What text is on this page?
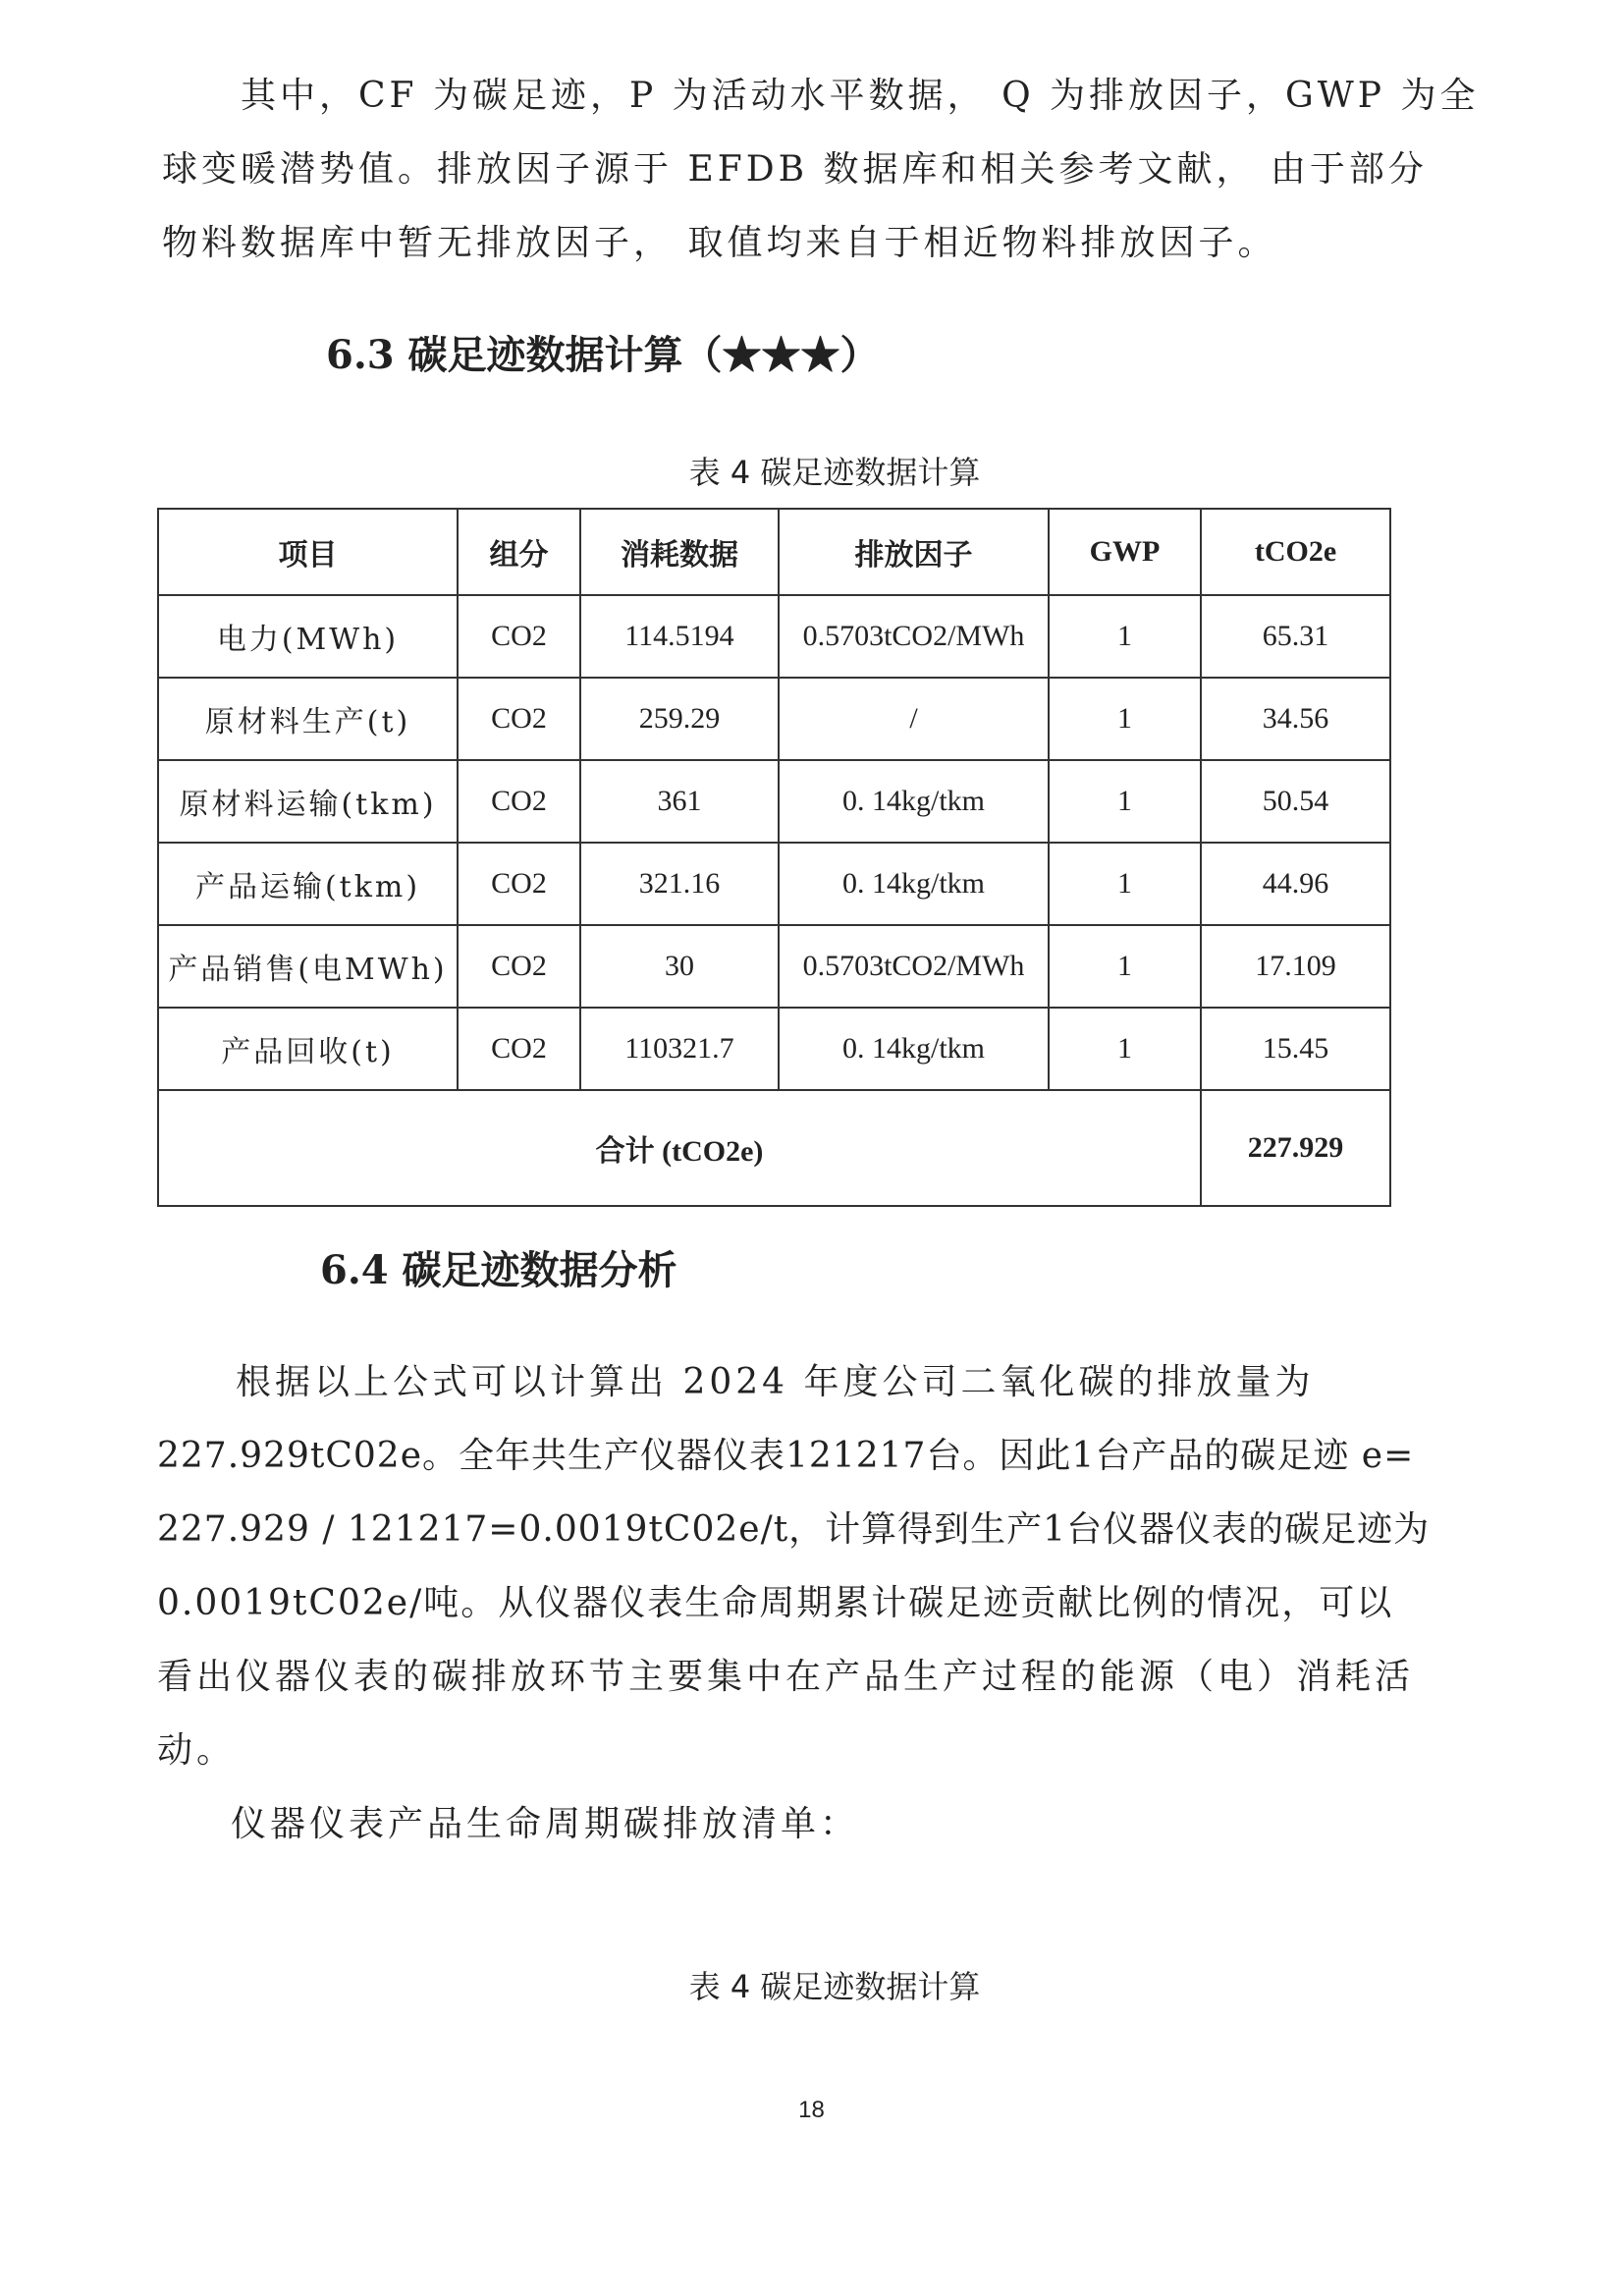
其中，CF 为碳足迹，P 为活动水平数据， Q 为排放因子，GWP 为全

球变暖潜势值。排放因子源于 EFDB 数据库和相关参考文献， 由于部分

物料数据库中暂无排放因子， 取值均来自于相近物料排放因子。

6.3 碳足迹数据计算（★★★）

表 4 碳足迹数据计算

项目	组分	消耗数据	排放因子	GWP	tCO2e
电力(MWh)	CO2	114.5194	0.5703tCO2/MWh	1	65.31
原材料生产(t)	CO2	259.29	/	1	34.56
原材料运输(tkm)	CO2	361	0. 14kg/tkm	1	50.54
产品运输(tkm)	CO2	321.16	0. 14kg/tkm	1	44.96
产品销售(电MWh)	CO2	30	0.5703tCO2/MWh	1	17.109
产品回收(t)	CO2	110321.7	0. 14kg/tkm	1	15.45
合计 (tCO2e)					227.929
6.4 碳足迹数据分析

根据以上公式可以计算出 2024 年度公司二氧化碳的排放量为

227.929tC02e。全年共生产仪器仪表121217台。因此1台产品的碳足迹 e=

227.929 / 121217=0.0019tC02e/t，计算得到生产1台仪器仪表的碳足迹为

0.0019tC02e/吨。从仪器仪表生命周期累计碳足迹贡献比例的情况，可以

看出仪器仪表的碳排放环节主要集中在产品生产过程的能源（电）消耗活

动。

仪器仪表产品生命周期碳排放清单：

表 4 碳足迹数据计算

18
